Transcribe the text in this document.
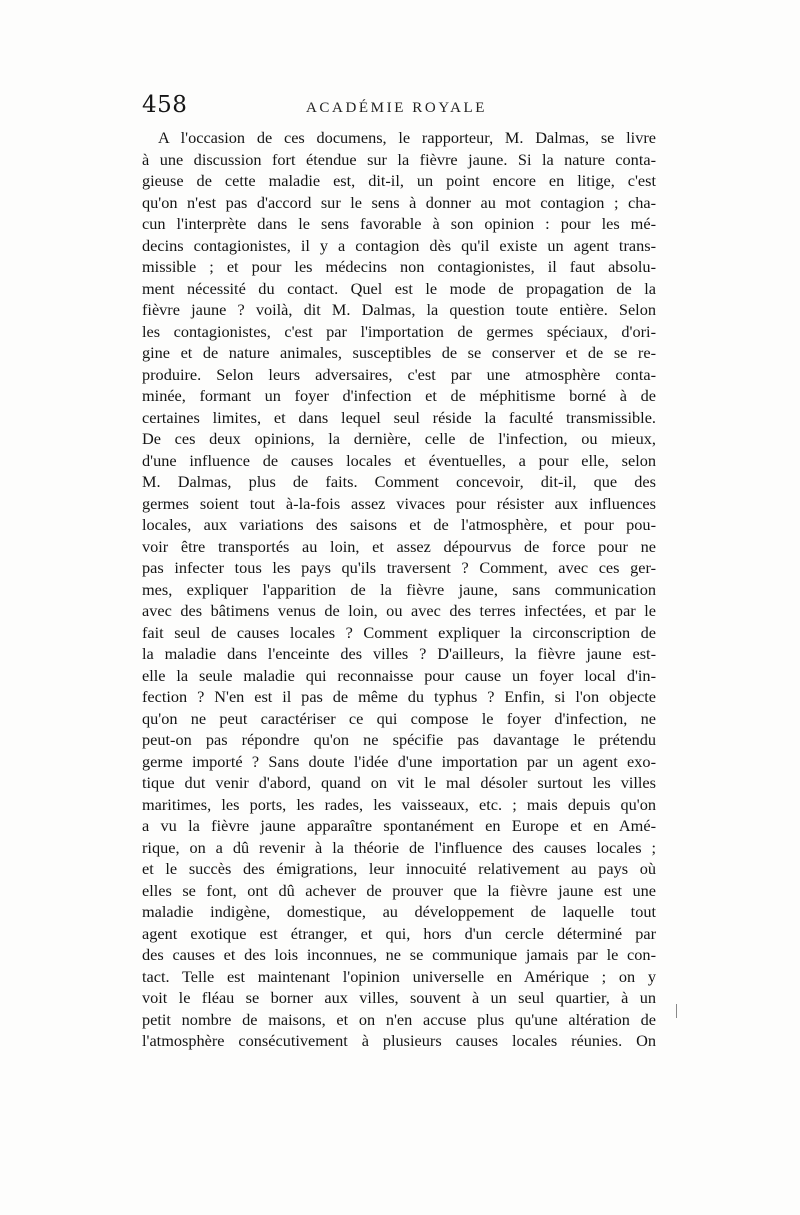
458	ACADÉMIE ROYALE
A l'occasion de ces documens, le rapporteur, M. Dalmas, se livre
à une discussion fort étendue sur la fièvre jaune. Si la nature conta-
gieuse de cette maladie est, dit-il, un point encore en litige, c'est
qu'on n'est pas d'accord sur le sens à donner au mot contagion ; cha-
cun l'interprète dans le sens favorable à son opinion : pour les mé-
decins contagionistes, il y a contagion dès qu'il existe un agent trans-
missible ; et pour les médecins non contagionistes, il faut absolu-
ment nécessité du contact. Quel est le mode de propagation de la
fièvre jaune ? voilà, dit M. Dalmas, la question toute entière. Selon
les contagionistes, c'est par l'importation de germes spéciaux, d'ori-
gine et de nature animales, susceptibles de se conserver et de se re-
produire. Selon leurs adversaires, c'est par une atmosphère conta-
minée, formant un foyer d'infection et de méphitisme borné à de
certaines limites, et dans lequel seul réside la faculté transmissible.
De ces deux opinions, la dernière, celle de l'infection, ou mieux,
d'une influence de causes locales et éventuelles, a pour elle, selon
M. Dalmas, plus de faits. Comment concevoir, dit-il, que des
germes soient tout à-la-fois assez vivaces pour résister aux influences
locales, aux variations des saisons et de l'atmosphère, et pour pou-
voir être transportés au loin, et assez dépourvus de force pour ne
pas infecter tous les pays qu'ils traversent ? Comment, avec ces ger-
mes, expliquer l'apparition de la fièvre jaune, sans communication
avec des bâtimens venus de loin, ou avec des terres infectées, et par le
fait seul de causes locales ? Comment expliquer la circonscription de
la maladie dans l'enceinte des villes ? D'ailleurs, la fièvre jaune est-
elle la seule maladie qui reconnaisse pour cause un foyer local d'in-
fection ? N'en est il pas de même du typhus ? Enfin, si l'on objecte
qu'on ne peut caractériser ce qui compose le foyer d'infection, ne
peut-on pas répondre qu'on ne spécifie pas davantage le prétendu
germe importé ? Sans doute l'idée d'une importation par un agent exo-
tique dut venir d'abord, quand on vit le mal désoler surtout les villes
maritimes, les ports, les rades, les vaisseaux, etc. ; mais depuis qu'on
a vu la fièvre jaune apparaître spontanément en Europe et en Amé-
rique, on a dû revenir à la théorie de l'influence des causes locales ;
et le succès des émigrations, leur innocuité relativement au pays où
elles se font, ont dû achever de prouver que la fièvre jaune est une
maladie indigène, domestique, au développement de laquelle tout
agent exotique est étranger, et qui, hors d'un cercle déterminé par
des causes et des lois inconnues, ne se communique jamais par le con-
tact. Telle est maintenant l'opinion universelle en Amérique ; on y
voit le fléau se borner aux villes, souvent à un seul quartier, à un
petit nombre de maisons, et on n'en accuse plus qu'une altération de
l'atmosphère consécutivement à plusieurs causes locales réunies. On
